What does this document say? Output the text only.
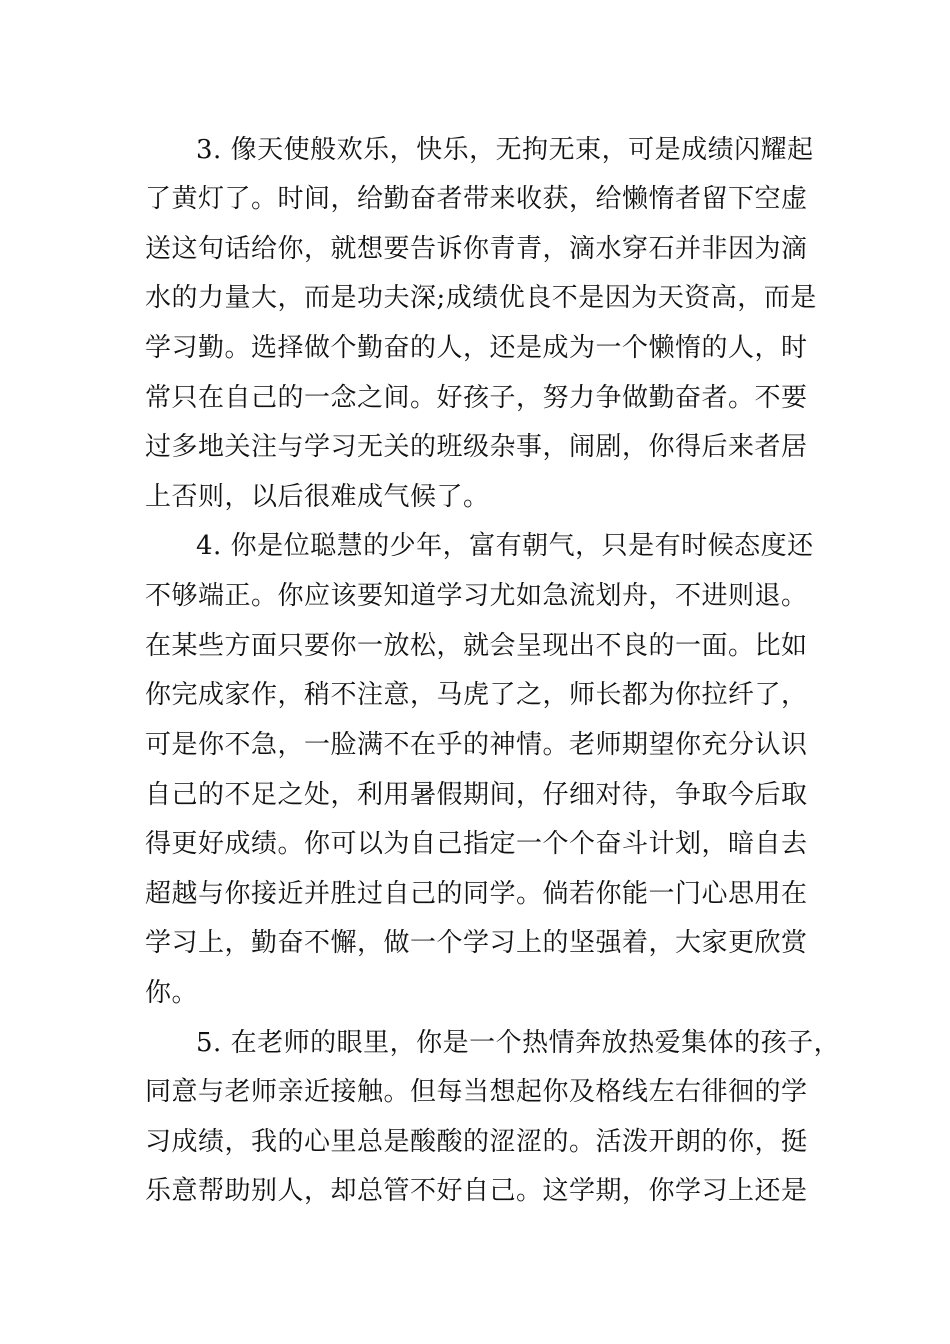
3. 像天使般欢乐，快乐，无拘无束，可是成绩闪耀起
了黄灯了。时间，给勤奋者带来收获，给懒惰者留下空虚
送这句话给你，就想要告诉你青青，滴水穿石并非因为滴
水的力量大，而是功夫深;成绩优良不是因为天资高，而是
学习勤。选择做个勤奋的人，还是成为一个懒惰的人，时
常只在自己的一念之间。好孩子，努力争做勤奋者。不要
过多地关注与学习无关的班级杂事，闹剧，你得后来者居
上否则，以后很难成气候了。
4. 你是位聪慧的少年，富有朝气，只是有时候态度还
不够端正。你应该要知道学习尤如急流划舟，不进则退。
在某些方面只要你一放松，就会呈现出不良的一面。比如
你完成家作，稍不注意，马虎了之，师长都为你拉纤了，
可是你不急，一脸满不在乎的神情。老师期望你充分认识
自己的不足之处，利用暑假期间，仔细对待，争取今后取
得更好成绩。你可以为自己指定一个个奋斗计划，暗自去
超越与你接近并胜过自己的同学。倘若你能一门心思用在
学习上，勤奋不懈，做一个学习上的坚强着，大家更欣赏
你。
5. 在老师的眼里，你是一个热情奔放热爱集体的孩子，
同意与老师亲近接触。但每当想起你及格线左右徘徊的学
习成绩，我的心里总是酸酸的涩涩的。活泼开朗的你，挺
乐意帮助别人，却总管不好自己。这学期，你学习上还是
